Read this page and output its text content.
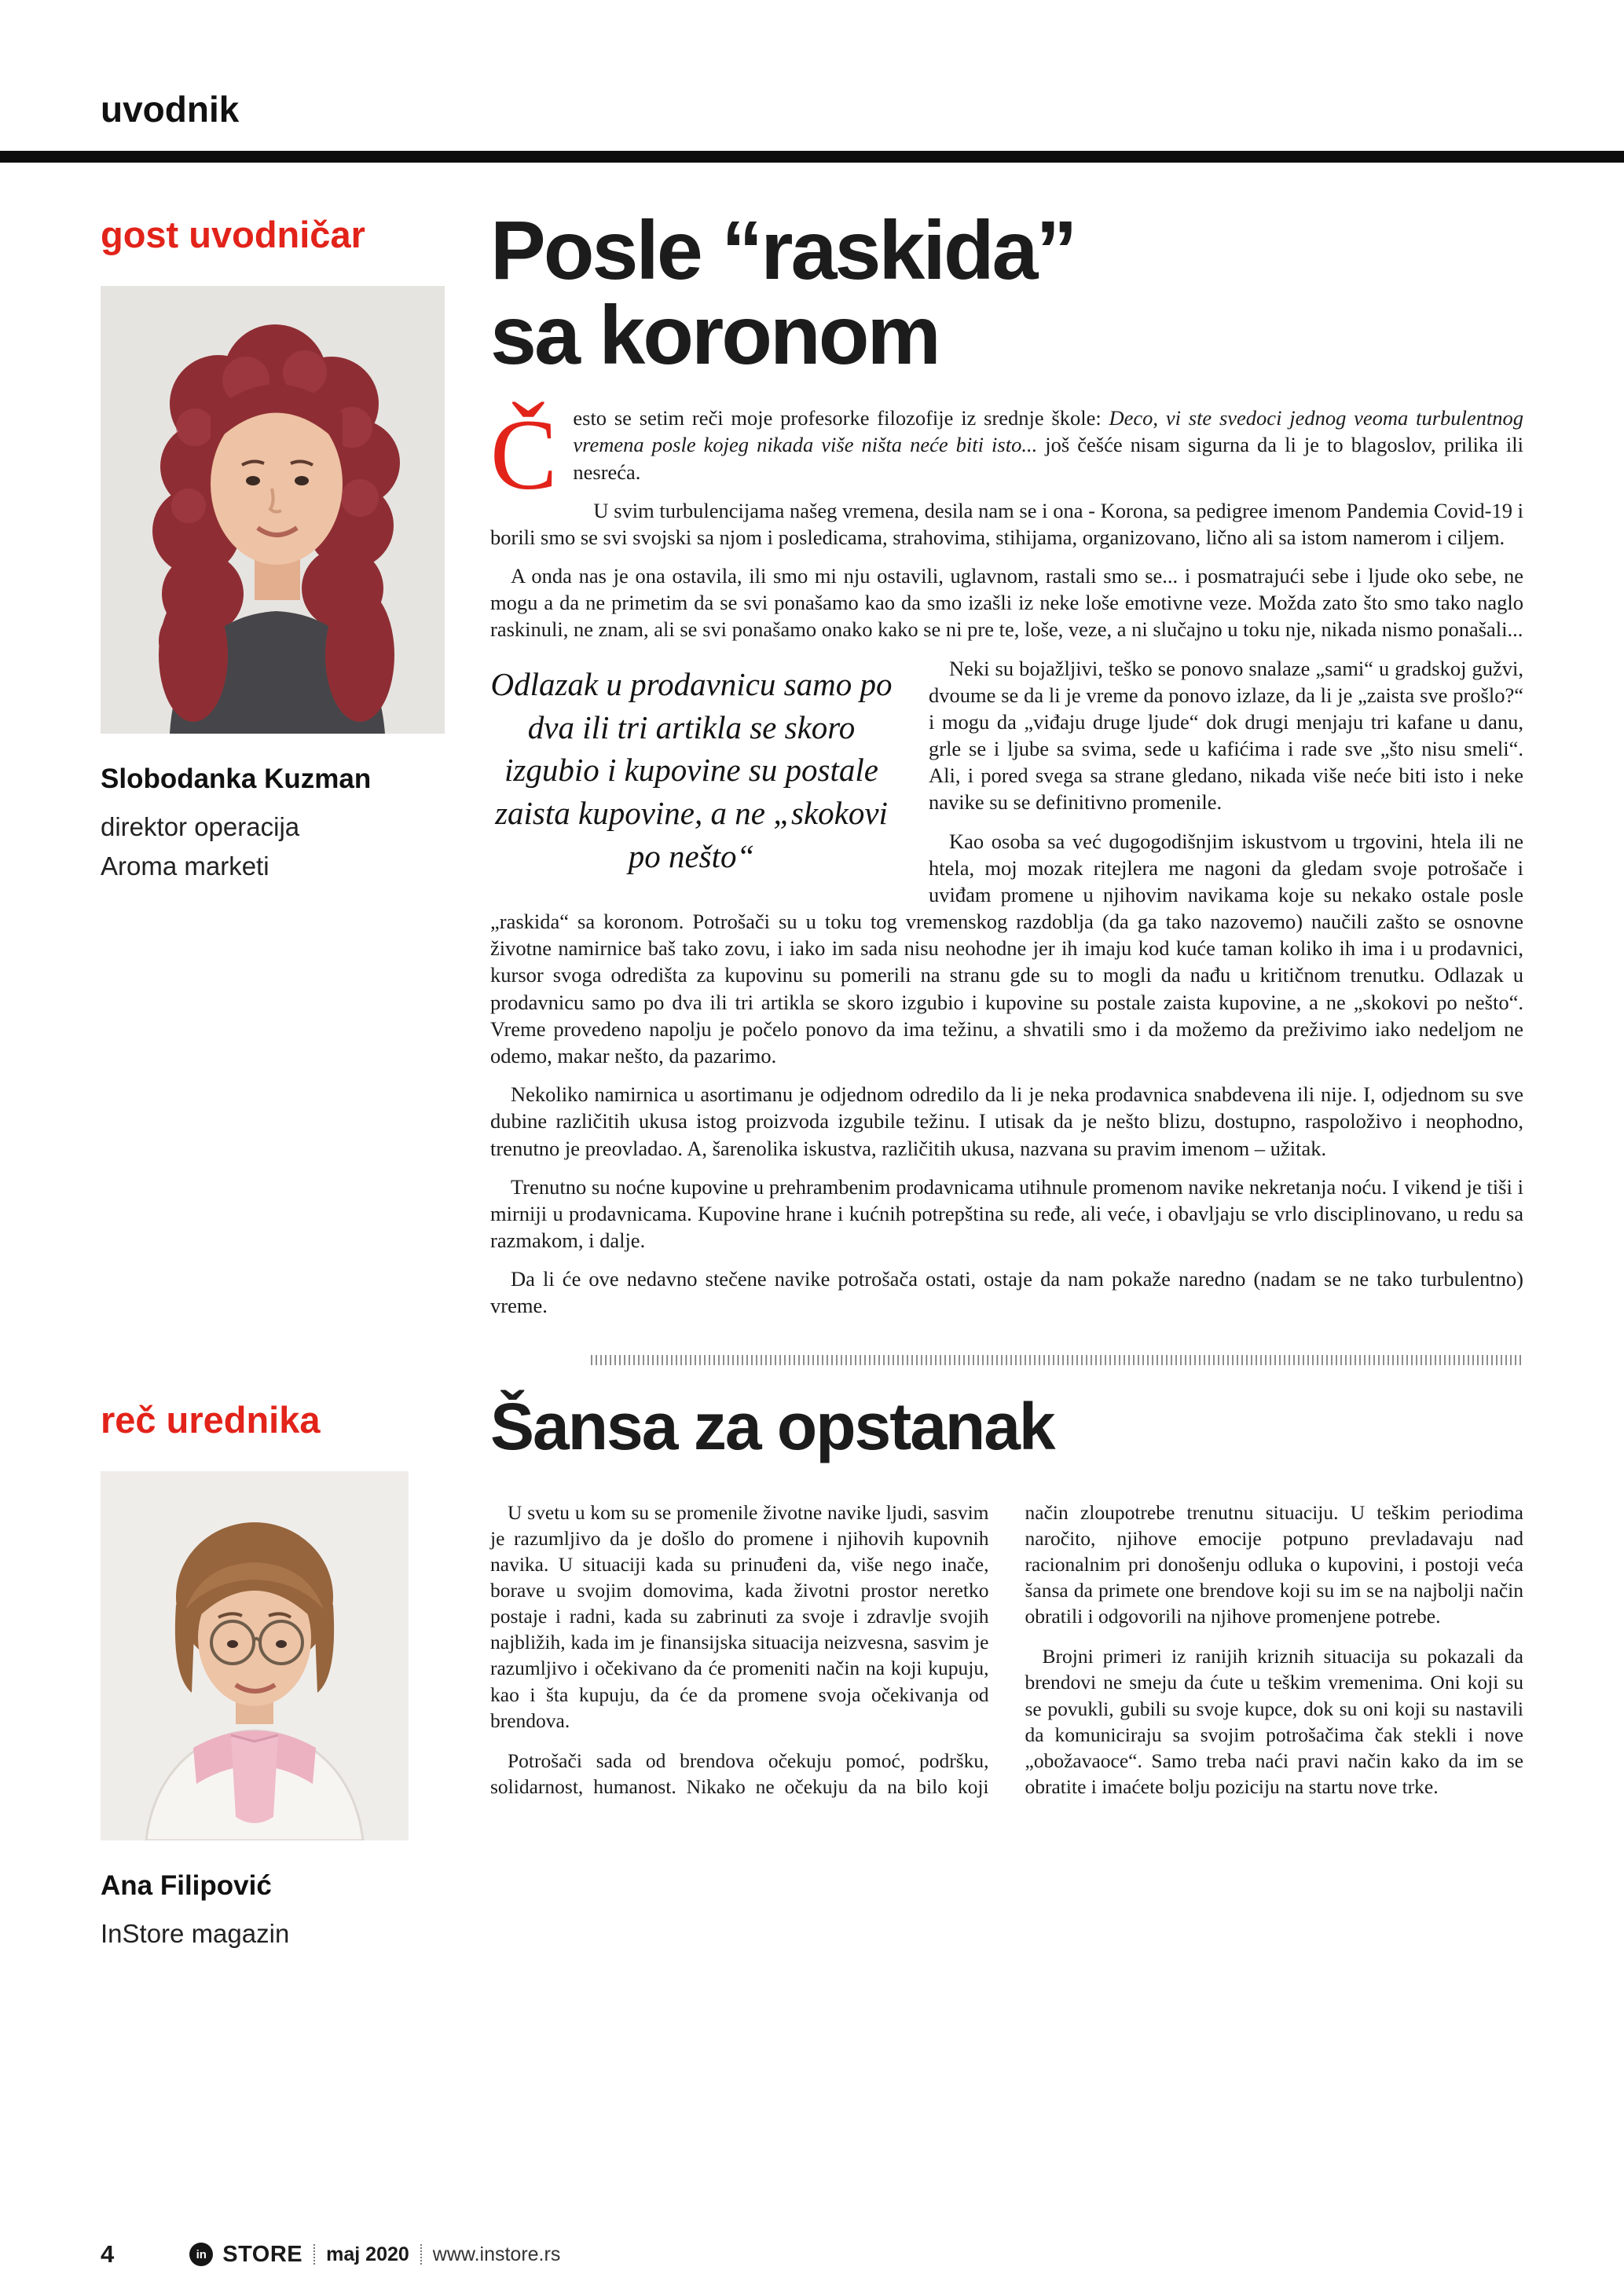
uvodnik
gost uvodničar
Slobodanka Kuzman
direktor operacija
Aroma marketi
Posle “raskida”
sa koronom

Često se setim reči moje profesorke filozofije iz srednje škole: Deco, vi ste svedoci jednog veoma turbulentnog vremena posle kojeg nikada više ništa neće biti isto... još češće nisam sigurna da li je to blagoslov, prilika ili nesreća.

U svim turbulencijama našeg vremena, desila nam se i ona - Korona, sa pedigree imenom Pandemia Covid-19 i borili smo se svi svojski sa njom i posledicama, strahovima, stihijama, organizovano, lično ali sa istom namerom i ciljem.

A onda nas je ona ostavila, ili smo mi nju ostavili, uglavnom, rastali smo se... i posmatrajući sebe i ljude oko sebe, ne mogu a da ne primetim da se svi ponašamo kao da smo izašli iz neke loše emotivne veze. Možda zato što smo tako naglo raskinuli, ne znam, ali se svi ponašamo onako kako se ni pre te, loše, veze, a ni slučajno u toku nje, nikada nismo ponašali...

Odlazak u prodavnicu samo po dva ili tri artikla se skoro izgubio i kupovine su postale zaista kupovine, a ne „skokovi po nešto“

Neki su bojažljivi, teško se ponovo snalaze „sami“ u gradskoj gužvi, dvoume se da li je vreme da ponovo izlaze, da li je „zaista sve prošlo?“ i mogu da „viđaju druge ljude“ dok drugi menjaju tri kafane u danu, grle se i ljube sa svima, sede u kafićima i rade sve „što nisu smeli“. Ali, i pored svega sa strane gledano, nikada više neće biti isto i neke navike su se definitivno promenile.

Kao osoba sa već dugogodišnjim iskustvom u trgovini, htela ili ne htela, moj mozak ritejlera me nagoni da gledam svoje potrošače i uviđam promene u njihovim navikama koje su nekako ostale posle „raskida“ sa koronom. Potrošači su u toku tog vremenskog razdoblja (da ga tako nazovemo) naučili zašto se osnovne životne namirnice baš tako zovu, i iako im sada nisu neohodne jer ih imaju kod kuće taman koliko ih ima i u prodavnici, kursor svoga odredišta za kupovinu su pomerili na stranu gde su to mogli da nađu u kritičnom trenutku. Odlazak u prodavnicu samo po dva ili tri artikla se skoro izgubio i kupovine su postale zaista kupovine, a ne „skokovi po nešto“. Vreme provedeno napolju je počelo ponovo da ima težinu, a shvatili smo i da možemo da preživimo iako nedeljom ne odemo, makar nešto, da pazarimo.

Nekoliko namirnica u asortimanu je odjednom odredilo da li je neka prodavnica snabdevena ili nije. I, odjednom su sve dubine različitih ukusa istog proizvoda izgubile težinu. I utisak da je nešto blizu, dostupno, raspoloživo i neophodno, trenutno je preovladao. A, šarenolika iskustva, različitih ukusa, nazvana su pravim imenom – užitak.

Trenutno su noćne kupovine u prehrambenim prodavnicama utihnule promenom navike nekretanja noću. I vikend je tiši i mirniji u prodavnicama. Kupovine hrane i kućnih potrepština su ređe, ali veće, i obavljaju se vrlo disciplinovano, u redu sa razmakom, i dalje.

Da li će ove nedavno stečene navike potrošača ostati, ostaje da nam pokaže naredno (nadam se ne tako turbulentno) vreme.

reč urednika
Ana Filipović
InStore magazin
Šansa za opstanak

U svetu u kom su se promenile životne navike ljudi, sasvim je razumljivo da je došlo do promene i njihovih kupovnih navika. U situaciji kada su prinuđeni da, više nego inače, borave u svojim domovima, kada životni prostor neretko postaje i radni, kada su zabrinuti za svoje i zdravlje svojih najbližih, kada im je finansijska situacija neizvesna, sasvim je razumljivo i očekivano da će promeniti način na koji kupuju, kao i šta kupuju, da će da promene svoja očekivanja od brendova.

Potrošači sada od brendova očekuju pomoć, podršku, solidarnost, humanost. Nikako ne očekuju da na bilo koji način zloupotrebe trenutnu situaciju. U teškim periodima naročito, njihove emocije potpuno prevladavaju nad racionalnim pri donošenju odluka o kupovini, i postoji veća šansa da primete one brendove koji su im se na najbolji način obratili i odgovorili na njihove promenjene potrebe.

Brojni primeri iz ranijih kriznih situacija su pokazali da brendovi ne smeju da ćute u teškim vremenima. Oni koji su se povukli, gubili su svoje kupce, dok su oni koji su nastavili da komuniciraju sa svojim potrošačima čak stekli i nove „obožavaoce“. Samo treba naći pravi način kako da im se obratite i imaćete bolju poziciju na startu nove trke.

4	in STORE maj 2020 www.instore.rs
